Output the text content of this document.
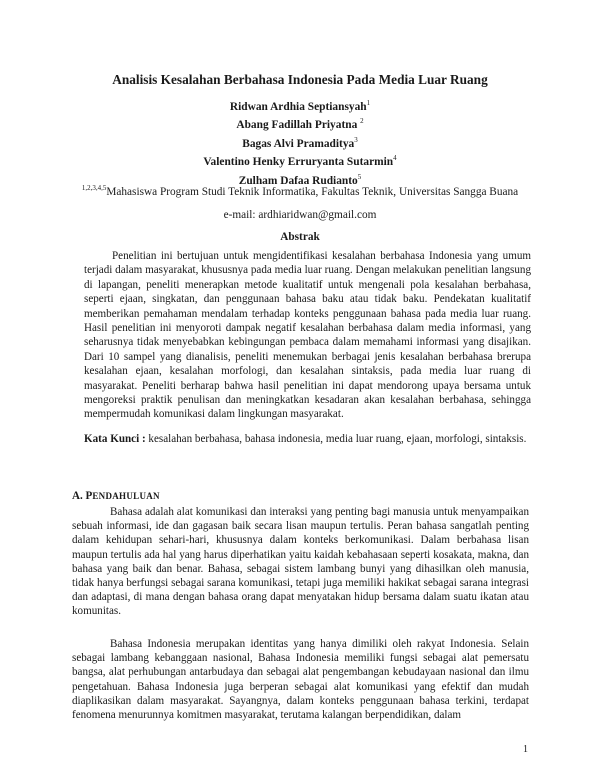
Analisis Kesalahan Berbahasa Indonesia Pada Media Luar Ruang
Ridwan Ardhia Septiansyah$^1$
Abang Fadillah Priyatna $^2$
Bagas Alvi Pramaditya$^3$
Valentino Henky Erruryanta Sutarmin$^4$
Zulham Dafaa Rudianto$^5$
$^{1,2,3,4,5}$Mahasiswa Program Studi Teknik Informatika, Fakultas Teknik, Universitas Sangga Buana
e-mail: ardhiaridwan@gmail.com
Abstrak

Penelitian ini bertujuan untuk mengidentifikasi kesalahan berbahasa Indonesia yang umum terjadi dalam masyarakat, khususnya pada media luar ruang. Dengan melakukan penelitian langsung di lapangan, peneliti menerapkan metode kualitatif untuk mengenali pola kesalahan berbahasa, seperti ejaan, singkatan, dan penggunaan bahasa baku atau tidak baku. Pendekatan kualitatif memberikan pemahaman mendalam terhadap konteks penggunaan bahasa pada media luar ruang. Hasil penelitian ini menyoroti dampak negatif kesalahan berbahasa dalam media informasi, yang seharusnya tidak menyebabkan kebingungan pembaca dalam memahami informasi yang disajikan. Dari 10 sampel yang dianalisis, peneliti menemukan berbagai jenis kesalahan berbahasa brerupa kesalahan ejaan, kesalahan morfologi, dan kesalahan sintaksis, pada media luar ruang di masyarakat. Peneliti berharap bahwa hasil penelitian ini dapat mendorong upaya bersama untuk mengoreksi praktik penulisan dan meningkatkan kesadaran akan kesalahan berbahasa, sehingga mempermudah komunikasi dalam lingkungan masyarakat.

Kata Kunci : kesalahan berbahasa, bahasa indonesia, media luar ruang, ejaan, morfologi, sintaksis.

A. PENDAHULUAN

Bahasa adalah alat komunikasi dan interaksi yang penting bagi manusia untuk menyampaikan sebuah informasi, ide dan gagasan baik secara lisan maupun tertulis. Peran bahasa sangatlah penting dalam kehidupan sehari-hari, khususnya dalam konteks berkomunikasi. Dalam berbahasa lisan maupun tertulis ada hal yang harus diperhatikan yaitu kaidah kebahasaan seperti kosakata, makna, dan bahasa yang baik dan benar. Bahasa, sebagai sistem lambang bunyi yang dihasilkan oleh manusia, tidak hanya berfungsi sebagai sarana komunikasi, tetapi juga memiliki hakikat sebagai sarana integrasi dan adaptasi, di mana dengan bahasa orang dapat menyatakan hidup bersama dalam suatu ikatan atau komunitas.

Bahasa Indonesia merupakan identitas yang hanya dimiliki oleh rakyat Indonesia. Selain sebagai lambang kebanggaan nasional, Bahasa Indonesia memiliki fungsi sebagai alat pemersatu bangsa, alat perhubungan antarbudaya dan sebagai alat pengembangan kebudayaan nasional dan ilmu pengetahuan. Bahasa Indonesia juga berperan sebagai alat komunikasi yang efektif dan mudah diaplikasikan dalam masyarakat. Sayangnya, dalam konteks penggunaan bahasa terkini, terdapat fenomena menurunnya komitmen masyarakat, terutama kalangan berpendidikan, dalam

1
